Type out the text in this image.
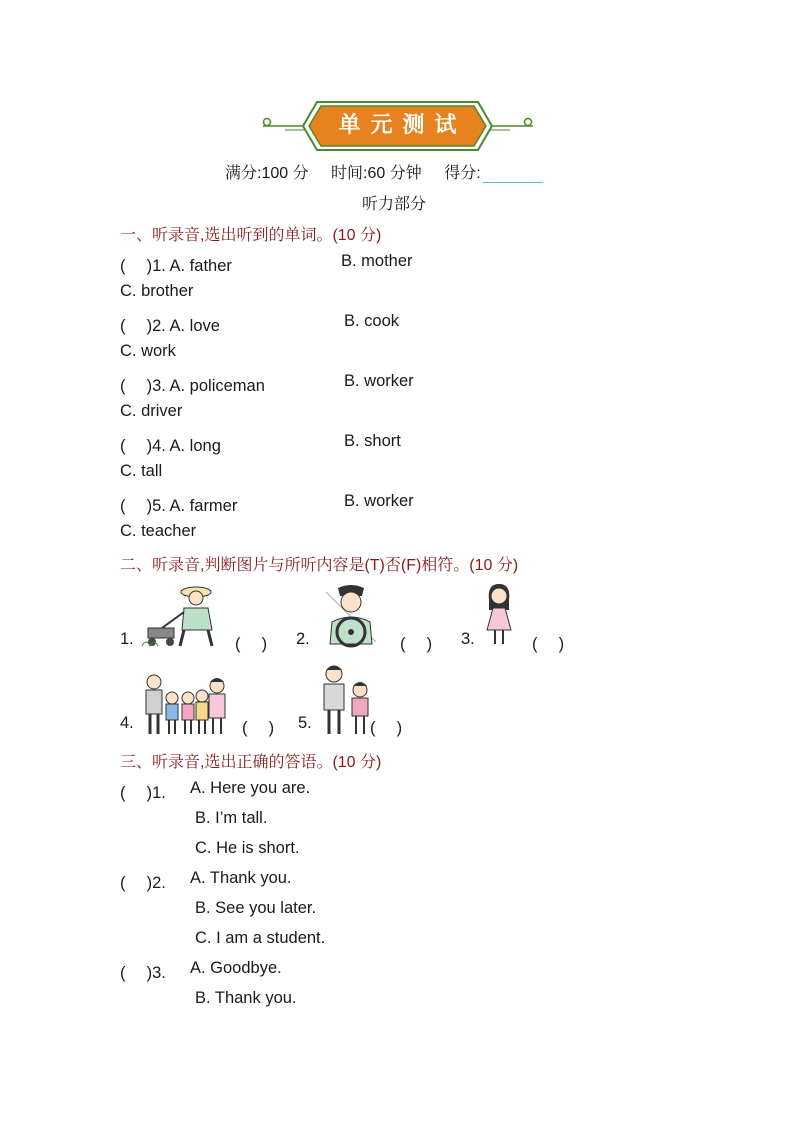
单元测试
满分:100 分 时间:60 分钟 得分:
听力部分
一、听录音,选出听到的单词。(10 分)
(　 )1. A. father	B. mother
C. brother
(　 )2. A. love	B. cook
C. work
(　 )3. A. policeman	B. worker
C. driver
(　 )4. A. long	B. short
C. tall
(　 )5. A. farmer	B. worker
C. teacher
二、听录音,判断图片与所听内容是(T)否(F)相符。(10 分)
1.	(　 ) 2.	(　 ) 3.	(　 )
4.	(　 ) 5.	(　 )
三、听录音,选出正确的答语。(10 分)
(　 )1. A. Here you are.
B. I’m tall.
C. He is short.
(　 )2. A. Thank you.
B. See you later.
C. I am a student.
(　 )3. A. Goodbye.
B. Thank you.
